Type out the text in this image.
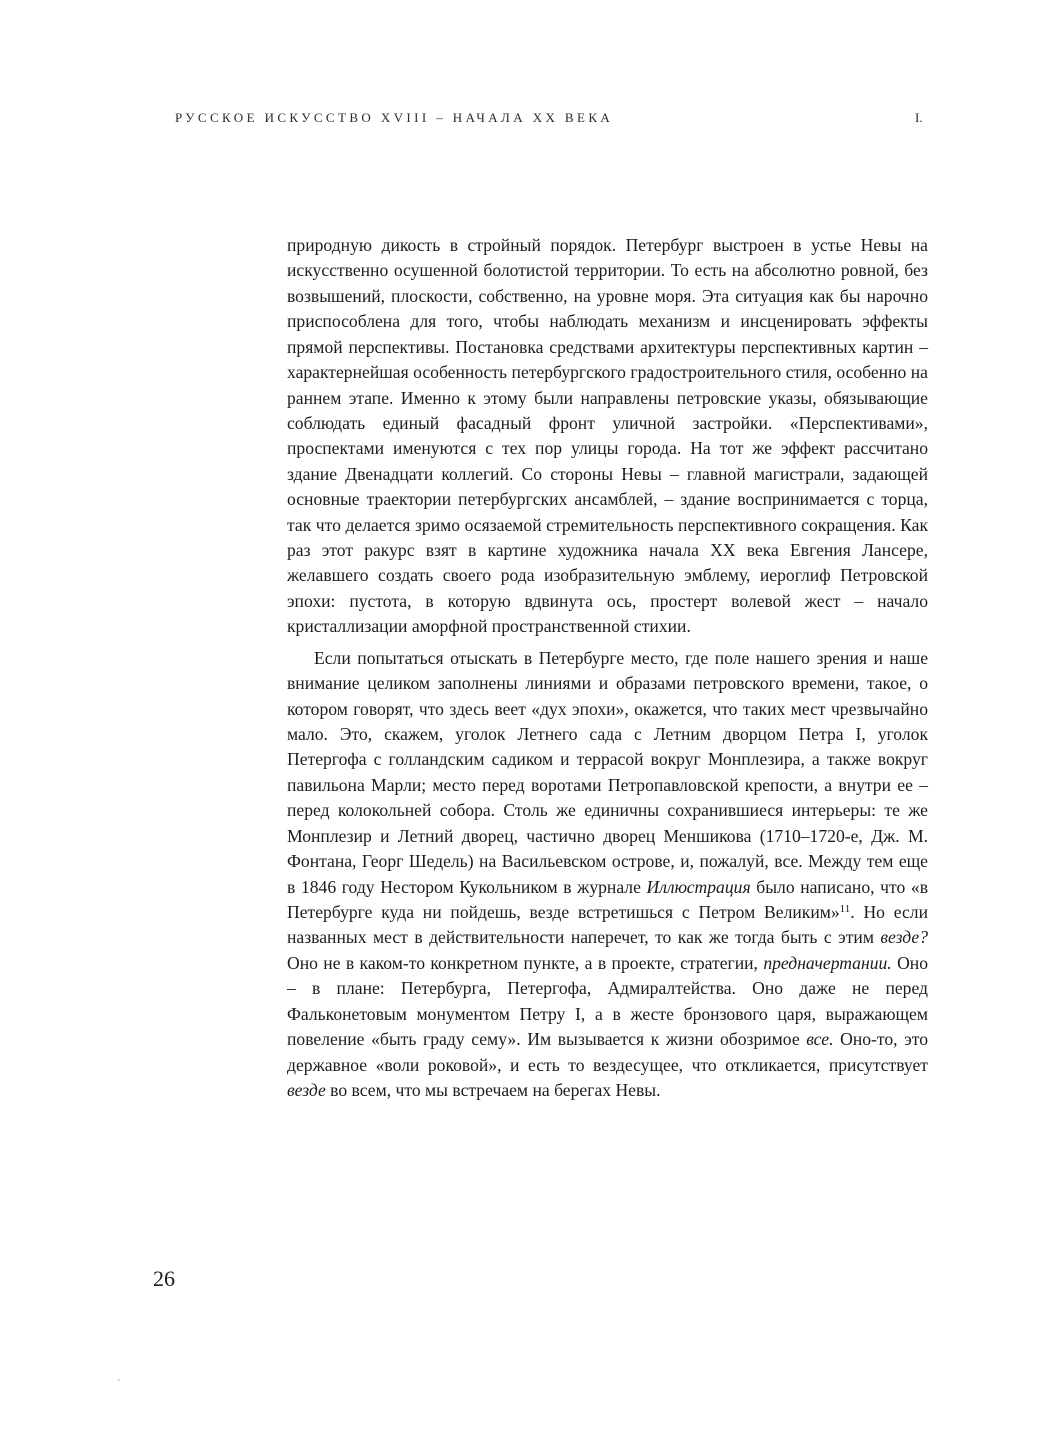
РУССКОЕ ИСКУССТВО XVIII – НАЧАЛА XX ВЕКА	I.

природную дикость в стройный порядок. Петербург выстроен в устье Невы на искусственно осушенной болотистой территории. То есть на абсолютно ровной, без возвышений, плоскости, собственно, на уровне моря. Эта ситуация как бы нарочно приспособлена для того, чтобы наблюдать механизм и инсценировать эффекты прямой перспективы. Постановка средствами архитектуры перспективных картин – характернейшая особенность петербургского градостроительного стиля, особенно на раннем этапе. Именно к этому были направлены петровские указы, обязывающие соблюдать единый фасадный фронт уличной застройки. «Перспективами», проспектами именуются с тех пор улицы города. На тот же эффект рассчитано здание Двенадцати коллегий. Со стороны Невы – главной магистрали, задающей основные траектории петербургских ансамблей, – здание воспринимается с торца, так что делается зримо осязаемой стремительность перспективного сокращения. Как раз этот ракурс взят в картине художника начала XX века Евгения Лансере, желавшего создать своего рода изобразительную эмблему, иероглиф Петровской эпохи: пустота, в которую вдвинута ось, простерт волевой жест – начало кристаллизации аморфной пространственной стихии.

Если попытаться отыскать в Петербурге место, где поле нашего зрения и наше внимание целиком заполнены линиями и образами петровского времени, такое, о котором говорят, что здесь веет «дух эпохи», окажется, что таких мест чрезвычайно мало. Это, скажем, уголок Летнего сада с Летним дворцом Петра I, уголок Петергофа с голландским садиком и террасой вокруг Монплезира, а также вокруг павильона Марли; место перед воротами Петропавловской крепости, а внутри ее – перед колокольней собора. Столь же единичны сохранившиеся интерьеры: те же Монплезир и Летний дворец, частично дворец Меншикова (1710–1720-е, Дж. М. Фонтана, Георг Шедель) на Васильевском острове, и, пожалуй, все. Между тем еще в 1846 году Нестором Кукольником в журнале Иллюстрация было написано, что «в Петербурге куда ни пойдешь, везде встретишься с Петром Великим»$^{11}$. Но если названных мест в действительности наперечет, то как же тогда быть с этим везде? Оно не в каком-то конкретном пункте, а в проекте, стратегии, предначертании. Оно – в плане: Петербурга, Петергофа, Адмиралтейства. Оно даже не перед Фальконетовым монументом Петру I, а в жесте бронзового царя, выражающем повеление «быть граду сему». Им вызывается к жизни обозримое все. Оно-то, это державное «воли роковой», и есть то вездесущее, что откликается, присутствует везде во всем, что мы встречаем на берегах Невы.

26
'
